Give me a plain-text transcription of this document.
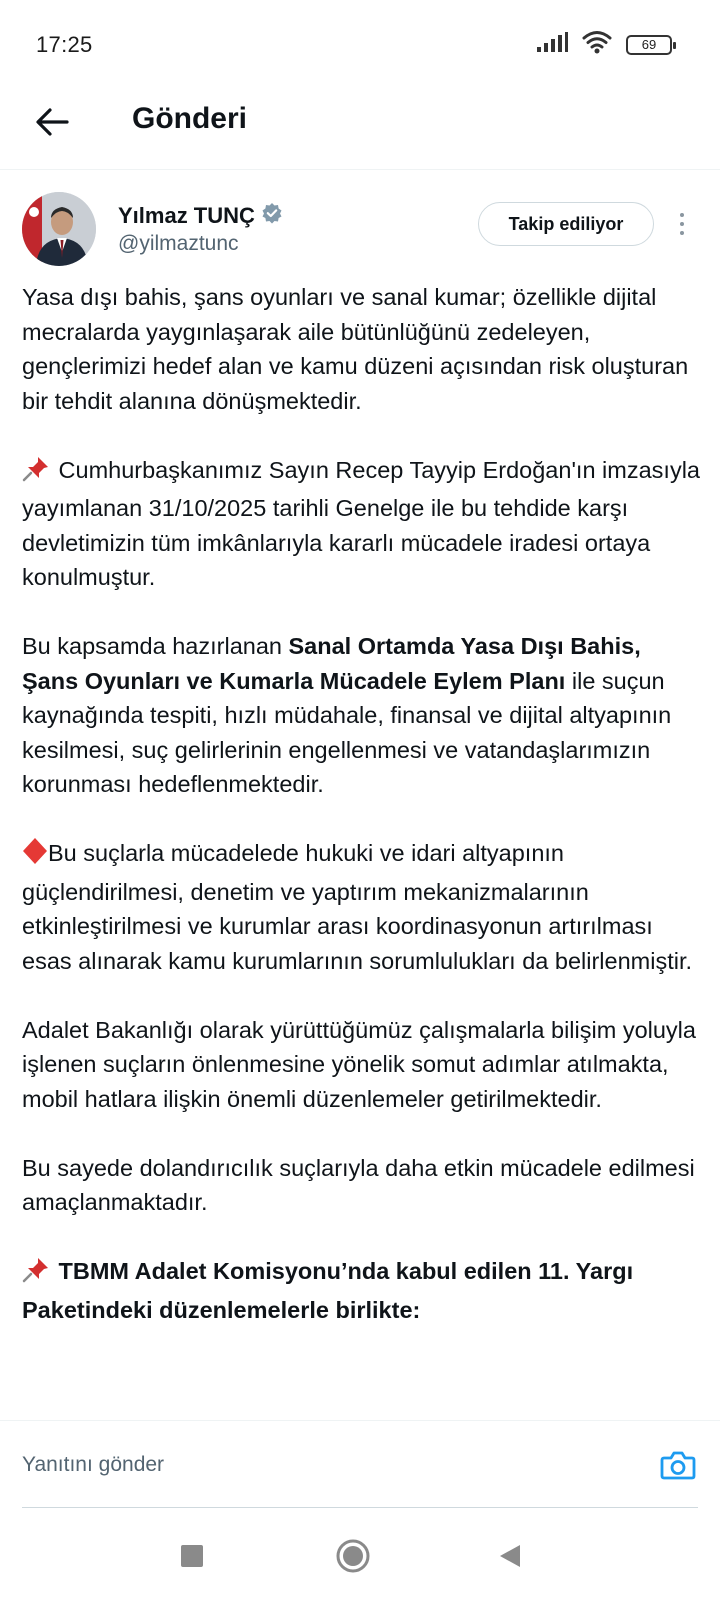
17:25	69
Gönderi
Yılmaz TUNÇ
@yilmaztunc
Takip ediliyor

Yasa dışı bahis, şans oyunları ve sanal kumar; özellikle dijital mecralarda yaygınlaşarak aile bütünlüğünü zedeleyen, gençlerimizi hedef alan ve kamu düzeni açısından risk oluşturan bir tehdit alanına dönüşmektedir.

Cumhurbaşkanımız Sayın Recep Tayyip Erdoğan'ın imzasıyla yayımlanan 31/10/2025 tarihli Genelge ile bu tehdide karşı devletimizin tüm imkânlarıyla kararlı mücadele iradesi ortaya konulmuştur.

Bu kapsamda hazırlanan Sanal Ortamda Yasa Dışı Bahis, Şans Oyunları ve Kumarla Mücadele Eylem Planı ile suçun kaynağında tespiti, hızlı müdahale, finansal ve dijital altyapının kesilmesi, suç gelirlerinin engellenmesi ve vatandaşlarımızın korunması hedeflenmektedir.

Bu suçlarla mücadelede hukuki ve idari altyapının güçlendirilmesi, denetim ve yaptırım mekanizmalarının etkinleştirilmesi ve kurumlar arası koordinasyonun artırılması esas alınarak kamu kurumlarının sorumlulukları da belirlenmiştir.

Adalet Bakanlığı olarak yürüttüğümüz çalışmalarla bilişim yoluyla işlenen suçların önlenmesine yönelik somut adımlar atılmakta, mobil hatlara ilişkin önemli düzenlemeler getirilmektedir.

Bu sayede dolandırıcılık suçlarıyla daha etkin mücadele edilmesi amaçlanmaktadır.

TBMM Adalet Komisyonu’nda kabul edilen 11. Yargı Paketindeki düzenlemelerle birlikte:

Yanıtını gönder
